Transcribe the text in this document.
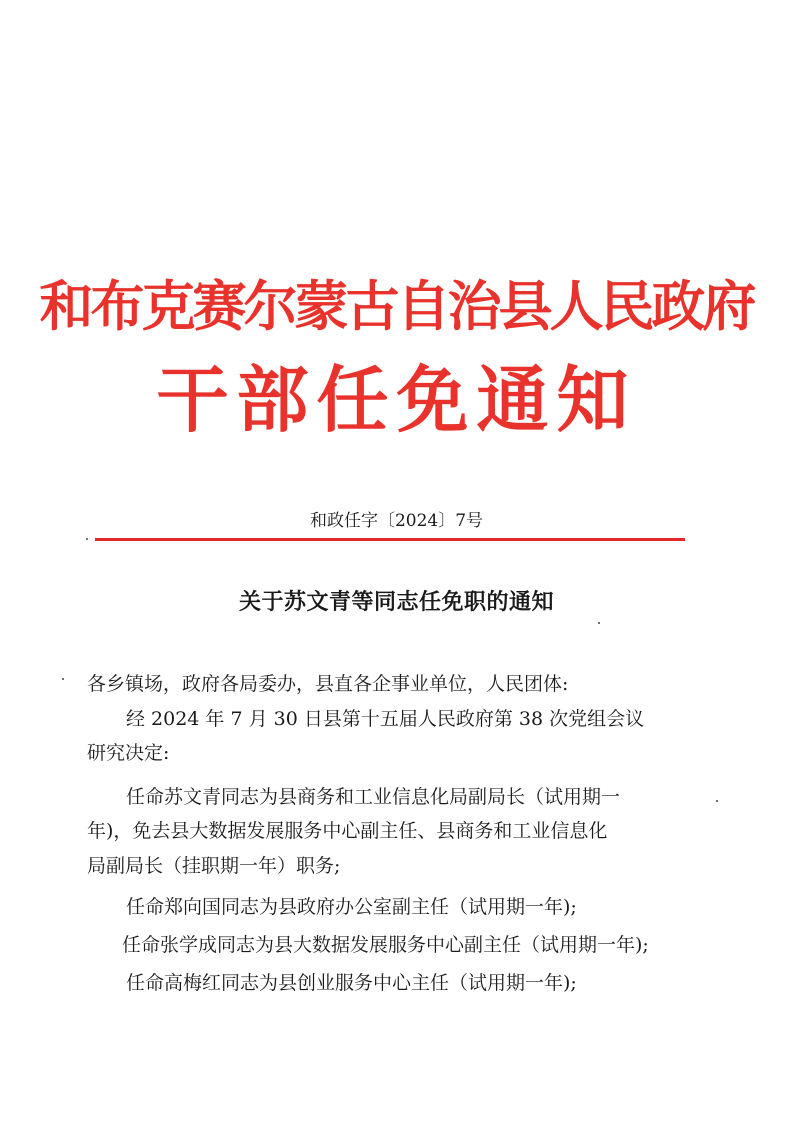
和布克赛尔蒙古自治县人民政府
干部任免通知
和政任字〔2024〕7号
关于苏文青等同志任免职的通知
各乡镇场，政府各局委办，县直各企事业单位，人民团体:
经 2024 年 7 月 30 日县第十五届人民政府第 38 次党组会议
研究决定:
任命苏文青同志为县商务和工业信息化局副局长（试用期一
年)，免去县大数据发展服务中心副主任、县商务和工业信息化
局副局长（挂职期一年）职务;
任命郑向国同志为县政府办公室副主任（试用期一年);
任命张学成同志为县大数据发展服务中心副主任（试用期一年);
任命高梅红同志为县创业服务中心主任（试用期一年);
